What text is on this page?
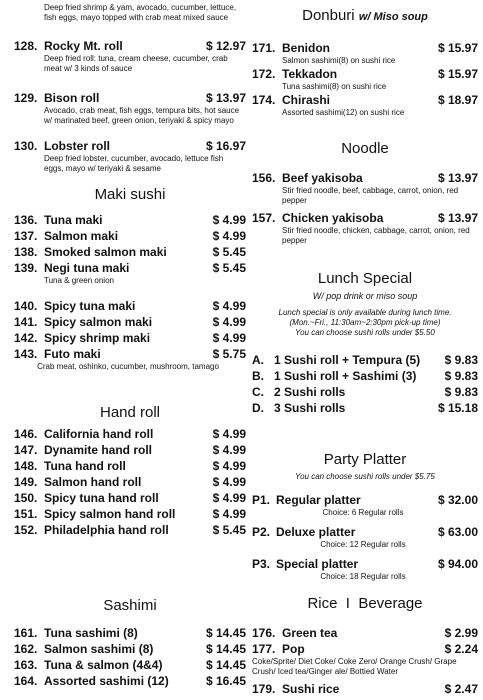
Deep fried shrimp & yam, avocado, cucumber, lettuce, fish eggs, mayo topped with crab meat mixed sauce
128. Rocky Mt. roll	$ 12.97
Deep fried roll: tuna, cream cheese, cucumber, crab meat w/ 3 kinds of sauce
129. Bison roll	$ 13.97
Avocado, crab meat, fish eggs, tempura bits, hot sauce w/ marinated beef, green onion, teriyaki & spicy mayo
130. Lobster roll	$ 16.97
Deep fried lobster, cucumber, avocado, lettuce fish eggs, mayo w/ teriyaki & sesame
Maki sushi
136. Tuna maki	$ 4.99
137. Salmon maki	$ 4.99
138. Smoked salmon maki	$ 5.45
139. Negi tuna maki	$ 5.45
Tuna & green onion
140. Spicy tuna maki	$ 4.99
141. Spicy salmon maki	$ 4.99
142. Spicy shrimp maki	$ 4.99
143. Futo maki	$ 5.75
Crab meat, oshinko, cucumber, mushroom, tamago
Hand roll
146. California hand roll	$ 4.99
147. Dynamite hand roll	$ 4.99
148. Tuna hand roll	$ 4.99
149. Salmon hand roll	$ 4.99
150. Spicy tuna hand roll	$ 4.99
151. Spicy salmon hand roll	$ 4.99
152. Philadelphia hand roll	$ 5.45
Sashimi
161. Tuna sashimi (8)	$ 14.45
162. Salmon sashimi (8)	$ 14.45
163. Tuna & salmon (4&4)	$ 14.45
164. Assorted sashimi (12)	$ 16.45
Donburi w/ Miso soup
171. Benidon	$ 15.97
Salmon sashimi(8) on sushi rice
172. Tekkadon	$ 15.97
Tuna sashimi(8) on sushi rice
174. Chirashi	$ 18.97
Assorted sashimi(12) on sushi rice
Noodle
156. Beef yakisoba	$ 13.97
Stir fried noodle, beef, cabbage, carrot, onion, red pepper
157. Chicken yakisoba	$ 13.97
Stir fried noodle, chicken, cabbage, carrot, onion, red pepper
Lunch Special
W/ pop drink or miso soup
Lunch special is only available during lunch time.
(Mon.~Fri., 11:30am~2:30pm pick-up time)
You can choose sushi rolls under $5.50
A. 1 Sushi roll + Tempura (5)	$ 9.83
B. 1 Sushi roll + Sashimi (3)	$ 9.83
C. 2 Sushi rolls	$ 9.83
D. 3 Sushi rolls	$ 15.18
Party Platter
You can choose sushi rolls under $5.75
P1. Regular platter	$ 32.00
Choice: 6 Regular rolls
P2. Deluxe platter	$ 63.00
Choice: 12 Regular rolls
P3. Special platter	$ 94.00
Choice: 18 Regular rolls
Rice  I  Beverage
176. Green tea	$ 2.99
177. Pop	$ 2.24
Coke/Sprite/ Diet Coke/ Coke Zero/ Orange Crush/ Grape Crush/ Iced tea/Ginger ale/ Bottied Water
179. Sushi rice	$ 2.47
